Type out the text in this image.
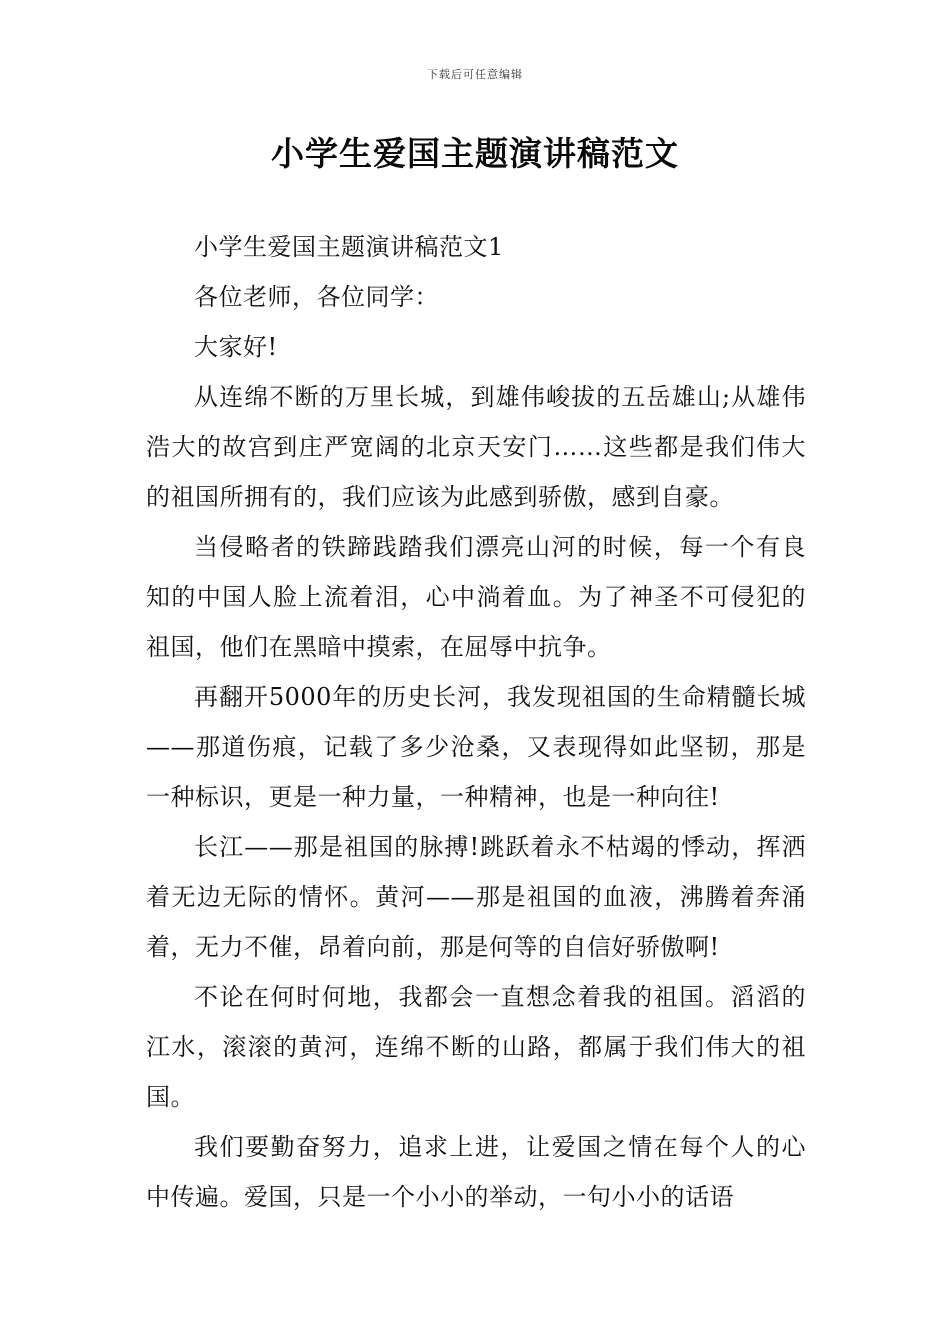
下载后可任意编辑
小学生爱国主题演讲稿范文

小学生爱国主题演讲稿范文1

各位老师，各位同学：

大家好!

从连绵不断的万里长城，到雄伟峻拔的五岳雄山;从雄伟浩大的故宫到庄严宽阔的北京天安门……这些都是我们伟大的祖国所拥有的，我们应该为此感到骄傲，感到自豪。

当侵略者的铁蹄践踏我们漂亮山河的时候，每一个有良知的中国人脸上流着泪，心中淌着血。为了神圣不可侵犯的祖国，他们在黑暗中摸索，在屈辱中抗争。

再翻开5000年的历史长河，我发现祖国的生命精髓长城——那道伤痕，记载了多少沧桑，又表现得如此坚韧，那是一种标识，更是一种力量，一种精神，也是一种向往!

长江——那是祖国的脉搏!跳跃着永不枯竭的悸动，挥洒着无边无际的情怀。黄河——那是祖国的血液，沸腾着奔涌着，无力不催，昂着向前，那是何等的自信好骄傲啊!

不论在何时何地，我都会一直想念着我的祖国。滔滔的江水，滚滚的黄河，连绵不断的山路，都属于我们伟大的祖国。

我们要勤奋努力，追求上进，让爱国之情在每个人的心中传遍。爱国，只是一个小小的举动，一句小小的话语
